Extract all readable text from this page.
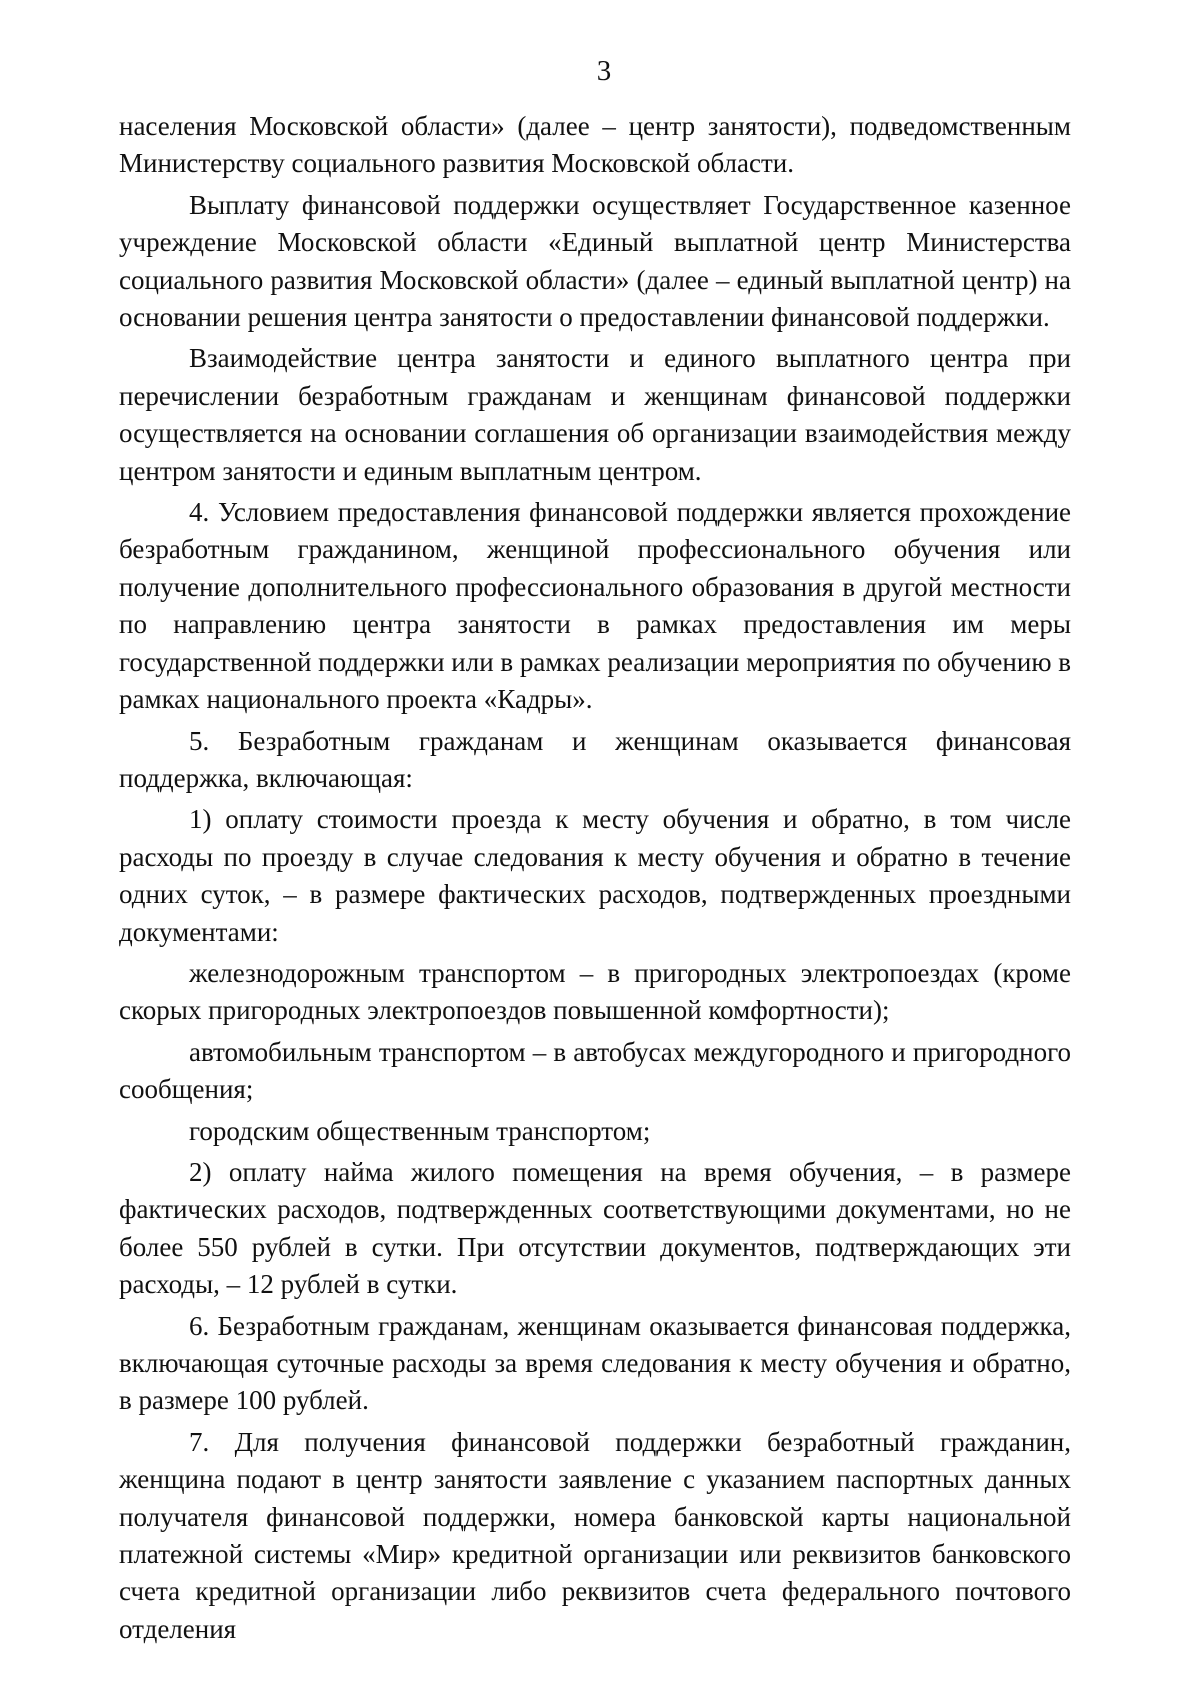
3

населения Московской области» (далее – центр занятости), подведомственным Министерству социального развития Московской области.

Выплату финансовой поддержки осуществляет Государственное казенное учреждение Московской области «Единый выплатной центр Министерства социального развития Московской области» (далее – единый выплатной центр) на основании решения центра занятости о предоставлении финансовой поддержки.

Взаимодействие центра занятости и единого выплатного центра при перечислении безработным гражданам и женщинам финансовой поддержки осуществляется на основании соглашения об организации взаимодействия между центром занятости и единым выплатным центром.

4. Условием предоставления финансовой поддержки является прохождение безработным гражданином, женщиной профессионального обучения или получение дополнительного профессионального образования в другой местности по направлению центра занятости в рамках предоставления им меры государственной поддержки или в рамках реализации мероприятия по обучению в рамках национального проекта «Кадры».

5. Безработным гражданам и женщинам оказывается финансовая поддержка, включающая:

1) оплату стоимости проезда к месту обучения и обратно, в том числе расходы по проезду в случае следования к месту обучения и обратно в течение одних суток, – в размере фактических расходов, подтвержденных проездными документами:

железнодорожным транспортом – в пригородных электропоездах (кроме скорых пригородных электропоездов повышенной комфортности);

автомобильным транспортом – в автобусах междугородного и пригородного сообщения;

городским общественным транспортом;

2) оплату найма жилого помещения на время обучения, – в размере фактических расходов, подтвержденных соответствующими документами, но не более 550 рублей в сутки. При отсутствии документов, подтверждающих эти расходы, – 12 рублей в сутки.

6. Безработным гражданам, женщинам оказывается финансовая поддержка, включающая суточные расходы за время следования к месту обучения и обратно, в размере 100 рублей.

7. Для получения финансовой поддержки безработный гражданин, женщина подают в центр занятости заявление с указанием паспортных данных получателя финансовой поддержки, номера банковской карты национальной платежной системы «Мир» кредитной организации или реквизитов банковского счета кредитной организации либо реквизитов счета федерального почтового отделения
